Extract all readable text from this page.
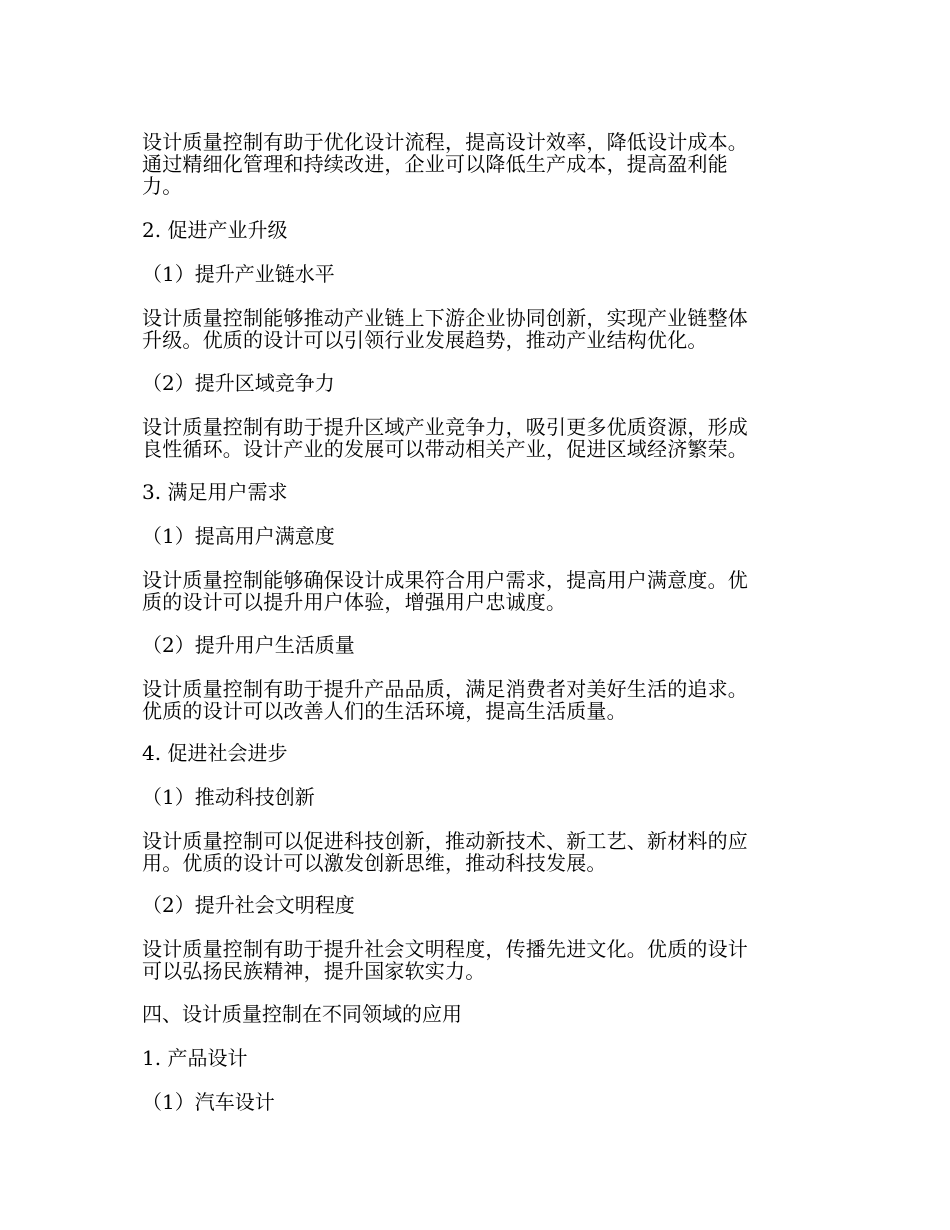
设计质量控制有助于优化设计流程，提高设计效率，降低设计成本。
通过精细化管理和持续改进，企业可以降低生产成本，提高盈利能
力。

2. 促进产业升级

（1）提升产业链水平

设计质量控制能够推动产业链上下游企业协同创新，实现产业链整体
升级。优质的设计可以引领行业发展趋势，推动产业结构优化。

（2）提升区域竞争力

设计质量控制有助于提升区域产业竞争力，吸引更多优质资源，形成
良性循环。设计产业的发展可以带动相关产业，促进区域经济繁荣。

3. 满足用户需求

（1）提高用户满意度

设计质量控制能够确保设计成果符合用户需求，提高用户满意度。优
质的设计可以提升用户体验，增强用户忠诚度。

（2）提升用户生活质量

设计质量控制有助于提升产品品质，满足消费者对美好生活的追求。
优质的设计可以改善人们的生活环境，提高生活质量。

4. 促进社会进步

（1）推动科技创新

设计质量控制可以促进科技创新，推动新技术、新工艺、新材料的应
用。优质的设计可以激发创新思维，推动科技发展。

（2）提升社会文明程度

设计质量控制有助于提升社会文明程度，传播先进文化。优质的设计
可以弘扬民族精神，提升国家软实力。

四、设计质量控制在不同领域的应用

1. 产品设计

（1）汽车设计
